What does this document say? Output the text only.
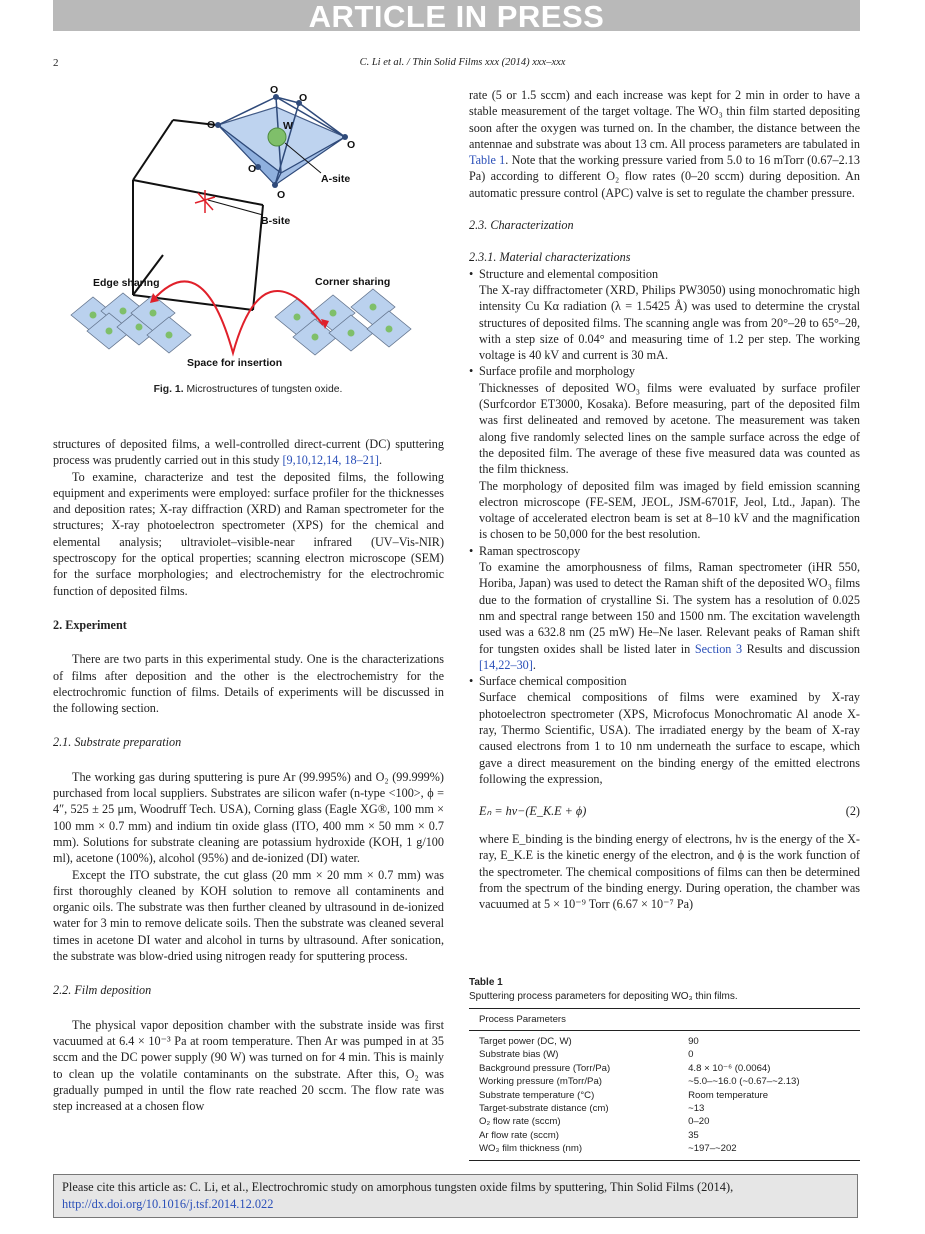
ARTICLE IN PRESS
2	C. Li et al. / Thin Solid Films xxx (2014) xxx–xxx
O
O
O
O
O
O
W
A-site
B-site
Edge sharing	Corner sharing
Space for insertion
Fig. 1. Microstructures of tungsten oxide.

structures of deposited films, a well-controlled direct-current (DC) sputtering process was prudently carried out in this study [9,10,12,14, 18–21].

To examine, characterize and test the deposited films, the following equipment and experiments were employed: surface profiler for the thicknesses and deposition rates; X-ray diffraction (XRD) and Raman spectrometer for the structures; X-ray photoelectron spectrometer (XPS) for the chemical and elemental analysis; ultraviolet–visible-near infrared (UV–Vis-NIR) spectroscopy for the optical properties; scanning electron microscope (SEM) for the surface morphologies; and electrochemistry for the electrochromic function of deposited films.

2. Experiment

There are two parts in this experimental study. One is the characterizations of films after deposition and the other is the electrochemistry for the electrochromic function of films. Details of experiments will be discussed in the following section.

2.1. Substrate preparation

The working gas during sputtering is pure Ar (99.995%) and O₂ (99.999%) purchased from local suppliers. Substrates are silicon wafer (n-type <100>, ϕ = 4″, 525 ± 25 μm, Woodruff Tech. USA), Corning glass (Eagle XG®, 100 mm × 100 mm × 0.7 mm) and indium tin oxide glass (ITO, 400 mm × 50 mm × 0.7 mm). Solutions for substrate cleaning are potassium hydroxide (KOH, 1 g/100 ml), acetone (100%), alcohol (95%) and de-ionized (DI) water.

Except the ITO substrate, the cut glass (20 mm × 20 mm × 0.7 mm) was first thoroughly cleaned by KOH solution to remove all contaminents and organic oils. The substrate was then further cleaned by ultrasound in de-ionized water for 3 min to remove delicate soils. Then the substrate was cleaned several times in acetone DI water and alcohol in turns by ultrasound. After sonication, the substrate was blow-dried using nitrogen ready for sputtering process.

2.2. Film deposition

The physical vapor deposition chamber with the substrate inside was first vacuumed at 6.4 × 10⁻³ Pa at room temperature. Then Ar was pumped in at 35 sccm and the DC power supply (90 W) was turned on for 4 min. This is mainly to clean up the volatile contaminants on the substrate. After this, O₂ was gradually pumped in until the flow rate reached 20 sccm. The flow rate was step increased at a chosen flow

rate (5 or 1.5 sccm) and each increase was kept for 2 min in order to have a stable measurement of the target voltage. The WO₃ thin film started depositing soon after the oxygen was turned on. In the chamber, the distance between the antennae and substrate was about 13 cm. All process parameters are tabulated in Table 1. Note that the working pressure varied from 5.0 to 16 mTorr (0.67–2.13 Pa) according to different O₂ flow rates (0–20 sccm) during deposition. An automatic pressure control (APC) valve is set to regulate the chamber pressure.

2.3. Characterization

2.3.1. Material characterizations

• Structure and elemental composition

The X-ray diffractometer (XRD, Philips PW3050) using monochromatic high intensity Cu Kα radiation (λ = 1.5425 Å) was used to determine the crystal structures of deposited films. The scanning angle was from 20°–2θ to 65°–2θ, with a step size of 0.04° and measuring time of 1.2 per step. The working voltage is 40 kV and current is 30 mA.

• Surface profile and morphology

Thicknesses of deposited WO₃ films were evaluated by surface profiler (Surfcordor ET3000, Kosaka). Before measuring, part of the deposited film was first delineated and removed by acetone. The measurement was taken along five randomly selected lines on the sample surface across the edge of the deposited film. The average of these five measured data was counted as the film thickness.

The morphology of deposited film was imaged by field emission scanning electron microscope (FE-SEM, JEOL, JSM-6701F, Jeol, Ltd., Japan). The voltage of accelerated electron beam is set at 8–10 kV and the magnification is chosen to be 50,000 for the best resolution.

• Raman spectroscopy

To examine the amorphousness of films, Raman spectrometer (iHR 550, Horiba, Japan) was used to detect the Raman shift of the deposited WO₃ films due to the formation of crystalline Si. The system has a resolution of 0.025 nm and spectral range between 150 and 1500 nm. The excitation wavelength used was a 632.8 nm (25 mW) He–Ne laser. Relevant peaks of Raman shift for tungsten oxides shall be listed later in Section 3 Results and discussion [14,22–30].

• Surface chemical composition

Surface chemical compositions of films were examined by X-ray photoelectron spectrometer (XPS, Microfocus Monochromatic Al anode X-ray, Thermo Scientific, USA). The irradiated energy by the beam of X-ray caused electrons from 1 to 10 nm underneath the surface to escape, which gave a direct measurement on the binding energy of the emitted electrons following the expression,

Eₙ = hν−(E_K.E + ϕ)	(2)

where E_binding is the binding energy of electrons, hν is the energy of the X-ray, E_K.E is the kinetic energy of the electron, and ϕ is the work function of the spectrometer. The chemical compositions of films can then be determined from the spectrum of the binding energy. During operation, the chamber was vacuumed at 5 × 10⁻⁹ Torr (6.67 × 10⁻⁷ Pa)

Table 1
Sputtering process parameters for depositing WO₃ thin films.
Process Parameters	
Target power (DC, W)	90
Substrate bias (W)	0
Background pressure (Torr/Pa)	4.8 × 10⁻⁶ (0.0064)
Working pressure (mTorr/Pa)	~5.0–~16.0 (~0.67–~2.13)
Substrate temperature (°C)	Room temperature
Target-substrate distance (cm)	~13
O₂ flow rate (sccm)	0–20
Ar flow rate (sccm)	35
WO₃ film thickness (nm)	~197–~202
Please cite this article as: C. Li, et al., Electrochromic study on amorphous tungsten oxide films by sputtering, Thin Solid Films (2014), http://dx.doi.org/10.1016/j.tsf.2014.12.022
